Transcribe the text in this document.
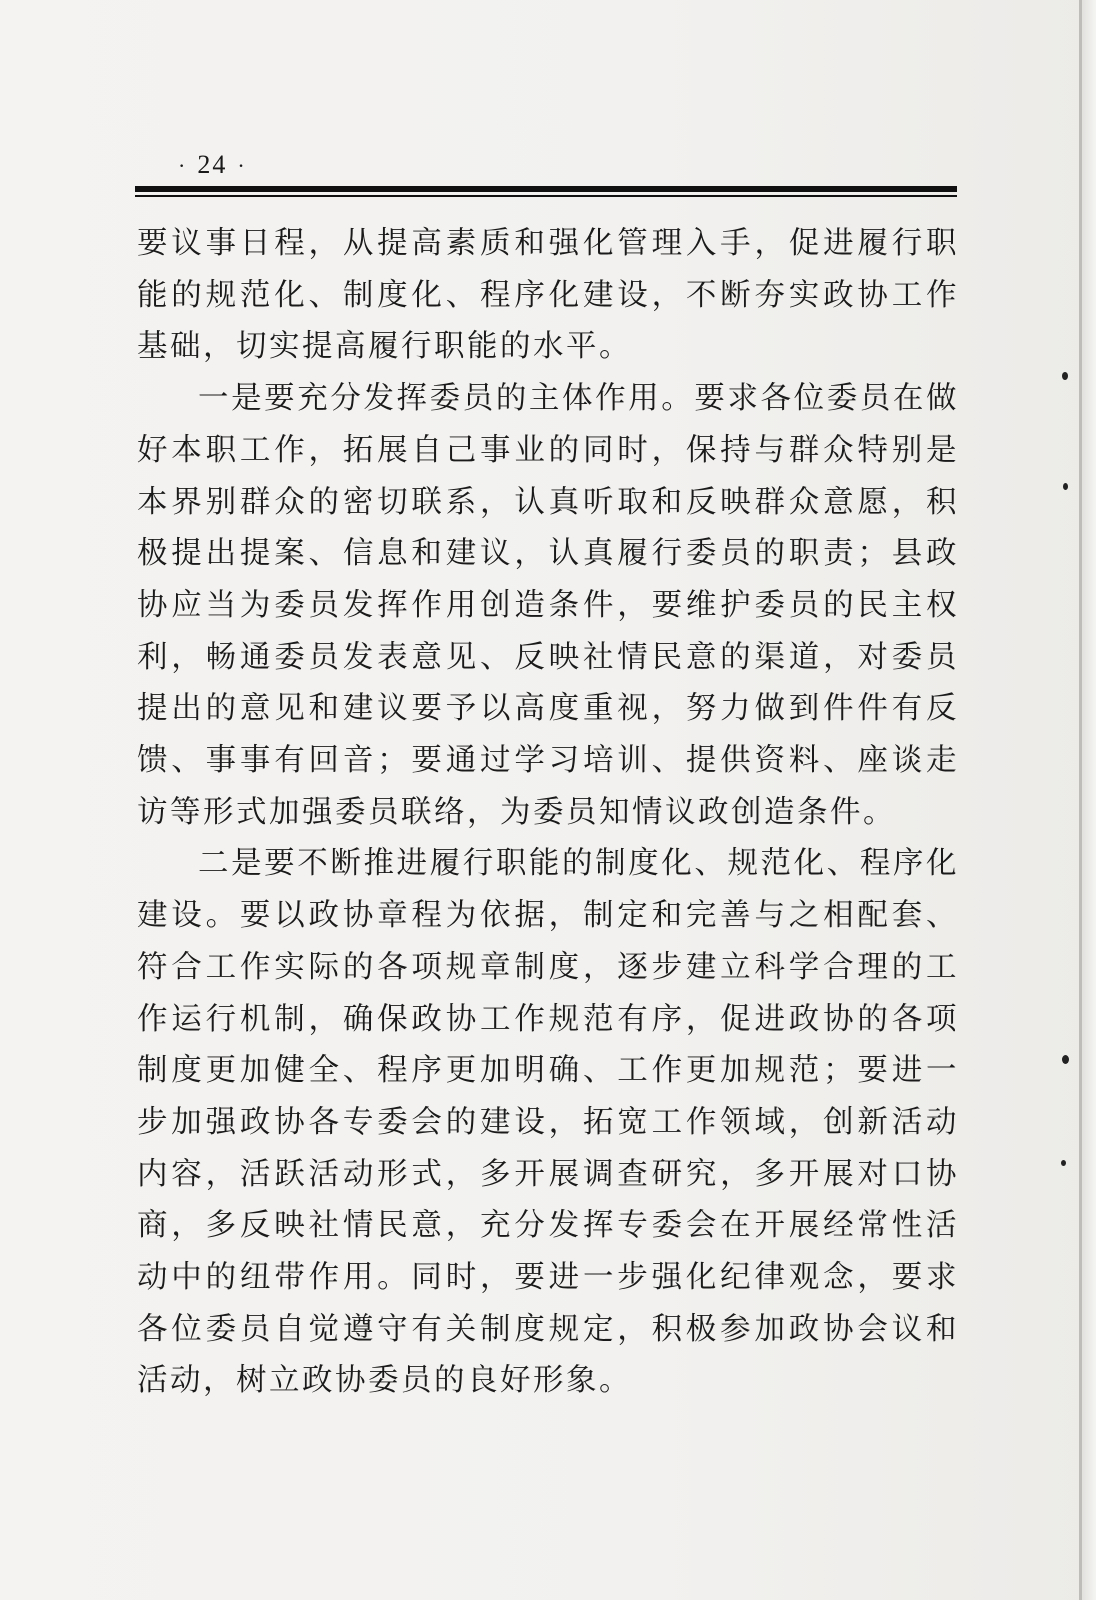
· 24 ·

要议事日程，从提高素质和强化管理入手，促进履行职能的规范化、制度化、程序化建设，不断夯实政协工作基础，切实提高履行职能的水平。

一是要充分发挥委员的主体作用。要求各位委员在做好本职工作，拓展自己事业的同时，保持与群众特别是本界别群众的密切联系，认真听取和反映群众意愿，积极提出提案、信息和建议，认真履行委员的职责；县政协应当为委员发挥作用创造条件，要维护委员的民主权利，畅通委员发表意见、反映社情民意的渠道，对委员提出的意见和建议要予以高度重视，努力做到件件有反馈、事事有回音；要通过学习培训、提供资料、座谈走访等形式加强委员联络，为委员知情议政创造条件。

二是要不断推进履行职能的制度化、规范化、程序化建设。要以政协章程为依据，制定和完善与之相配套、符合工作实际的各项规章制度，逐步建立科学合理的工作运行机制，确保政协工作规范有序，促进政协的各项制度更加健全、程序更加明确、工作更加规范；要进一步加强政协各专委会的建设，拓宽工作领域，创新活动内容，活跃活动形式，多开展调查研究，多开展对口协商，多反映社情民意，充分发挥专委会在开展经常性活动中的纽带作用。同时，要进一步强化纪律观念，要求各位委员自觉遵守有关制度规定，积极参加政协会议和活动，树立政协委员的良好形象。
